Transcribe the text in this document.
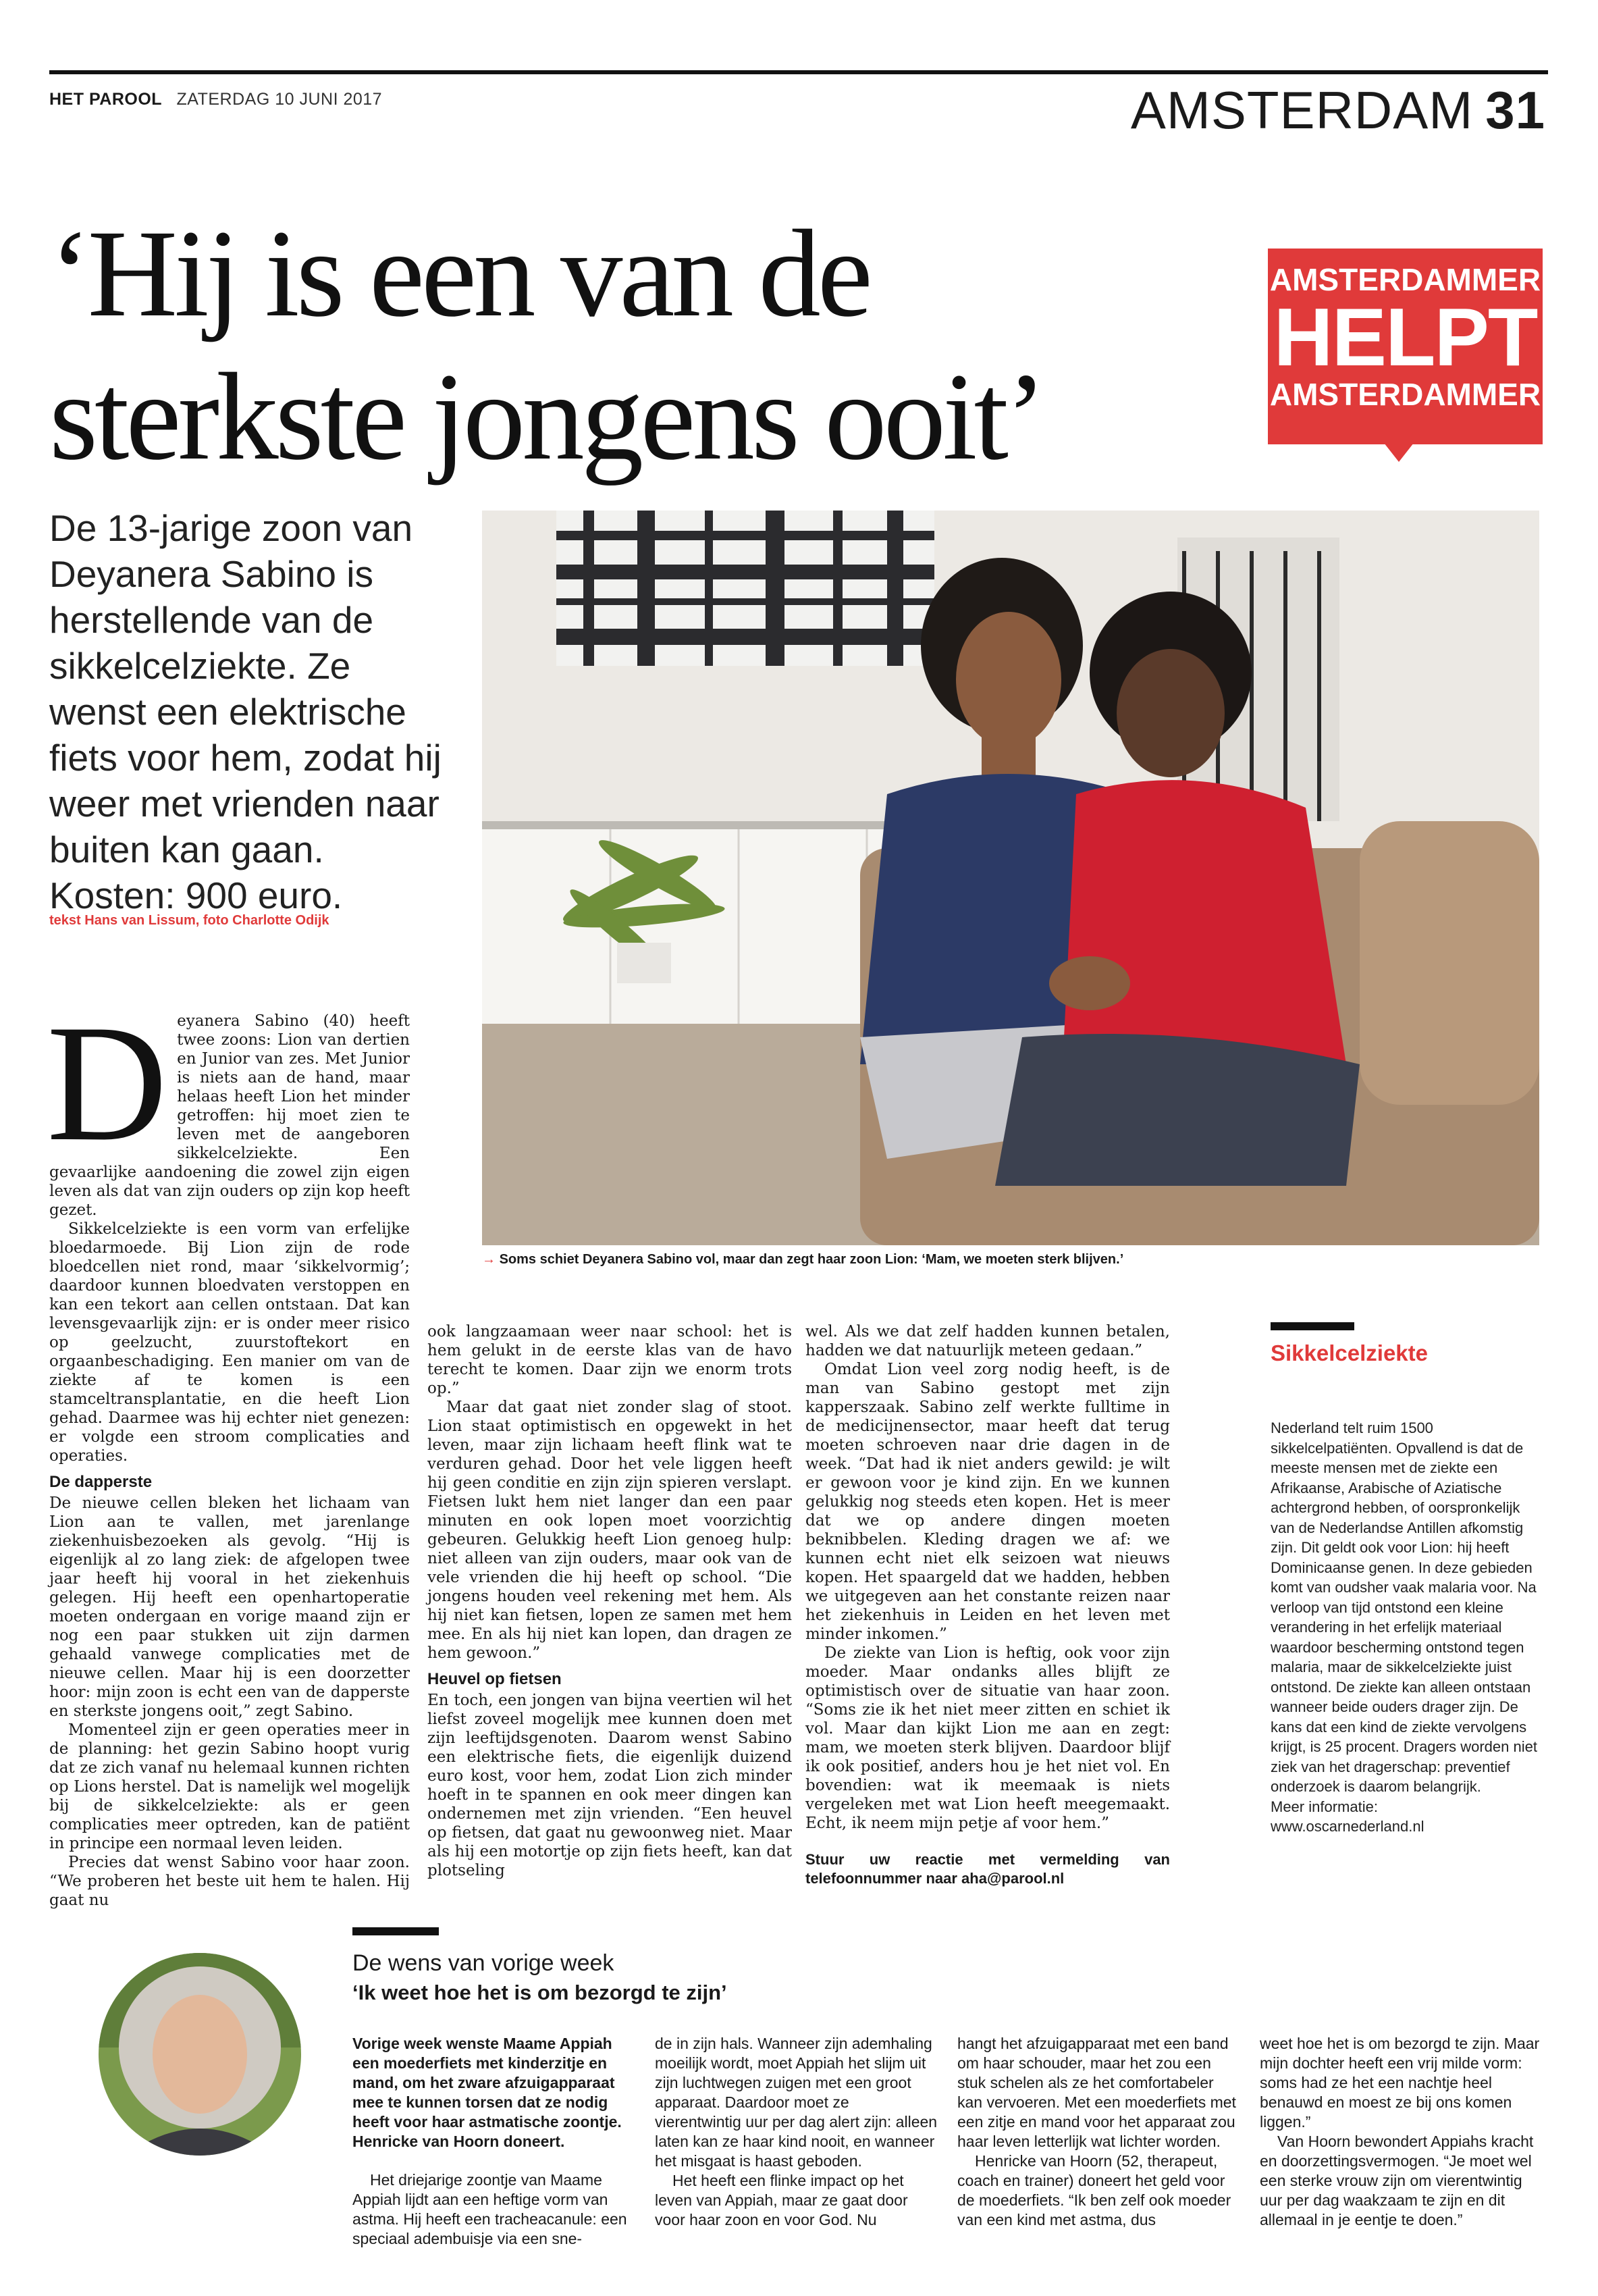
HET PAROOL ZATERDAG 10 JUNI 2017	AMSTERDAM 31
‘Hij is een van de sterkste jongens ooit’
AMSTERDAMMER
HELPT
AMSTERDAMMER
De 13-jarige zoon van Deyanera Sabino is herstellende van de sikkelcelziekte. Ze wenst een elektrische fiets voor hem, zodat hij weer met vrienden naar buiten kan gaan. Kosten: 900 euro.
tekst Hans van Lissum, foto Charlotte Odijk
→ Soms schiet Deyanera Sabino vol, maar dan zegt haar zoon Lion: ‘Mam, we moeten sterk blijven.’
D eyanera Sabino (40) heeft twee zoons: Lion van dertien en Junior van zes. Met Junior is niets aan de hand, maar helaas heeft Lion het minder getroffen: hij moet zien te leven met de aangeboren sikkelcelziekte. Een gevaarlijke aandoening die zowel zijn eigen leven als dat van zijn ouders op zijn kop heeft gezet.

Sikkelcelziekte is een vorm van erfelijke bloedarmoede. Bij Lion zijn de rode bloedcellen niet rond, maar ‘sikkelvormig’; daardoor kunnen bloedvaten verstoppen en kan een tekort aan cellen ontstaan. Dat kan levensgevaarlijk zijn: er is onder meer risico op geelzucht, zuurstoftekort en orgaanbeschadiging. Een manier om van de ziekte af te komen is een stamceltransplantatie, en die heeft Lion gehad. Daarmee was hij echter niet genezen: er volgde een stroom complicaties and operaties.

De dapperste

De nieuwe cellen bleken het lichaam van Lion aan te vallen, met jarenlange ziekenhuisbezoeken als gevolg. “Hij is eigenlijk al zo lang ziek: de afgelopen twee jaar heeft hij vooral in het ziekenhuis gelegen. Hij heeft een openhartoperatie moeten ondergaan en vorige maand zijn er nog een paar stukken uit zijn darmen gehaald vanwege complicaties met de nieuwe cellen. Maar hij is een doorzetter hoor: mijn zoon is echt een van de dapperste en sterkste jongens ooit,” zegt Sabino.

Momenteel zijn er geen operaties meer in de planning: het gezin Sabino hoopt vurig dat ze zich vanaf nu helemaal kunnen richten op Lions herstel. Dat is namelijk wel mogelijk bij de sikkelcelziekte: als er geen complicaties meer optreden, kan de patiënt in principe een normaal leven leiden.

Precies dat wenst Sabino voor haar zoon. “We proberen het beste uit hem te halen. Hij gaat nu

ook langzaamaan weer naar school: het is hem gelukt in de eerste klas van de havo terecht te komen. Daar zijn we enorm trots op.”

Maar dat gaat niet zonder slag of stoot. Lion staat optimistisch en opgewekt in het leven, maar zijn lichaam heeft flink wat te verduren gehad. Door het vele liggen heeft hij geen conditie en zijn zijn spieren verslapt. Fietsen lukt hem niet langer dan een paar minuten en ook lopen moet voorzichtig gebeuren. Gelukkig heeft Lion genoeg hulp: niet alleen van zijn ouders, maar ook van de vele vrienden die hij heeft op school. “Die jongens houden veel rekening met hem. Als hij niet kan fietsen, lopen ze samen met hem mee. En als hij niet kan lopen, dan dragen ze hem gewoon.”

Heuvel op fietsen

En toch, een jongen van bijna veertien wil het liefst zoveel mogelijk mee kunnen doen met zijn leeftijdsgenoten. Daarom wenst Sabino een elektrische fiets, die eigenlijk duizend euro kost, voor hem, zodat Lion zich minder hoeft in te spannen en ook meer dingen kan ondernemen met zijn vrienden. “Een heuvel op fietsen, dat gaat nu gewoonweg niet. Maar als hij een motortje op zijn fiets heeft, kan dat plotseling

wel. Als we dat zelf hadden kunnen betalen, hadden we dat natuurlijk meteen gedaan.”

Omdat Lion veel zorg nodig heeft, is de man van Sabino gestopt met zijn kapperszaak. Sabino zelf werkte fulltime in de medicijnensector, maar heeft dat terug moeten schroeven naar drie dagen in de week. “Dat had ik niet anders gewild: je wilt er gewoon voor je kind zijn. En we kunnen gelukkig nog steeds eten kopen. Het is meer dat we op andere dingen moeten beknibbelen. Kleding dragen we af: we kunnen echt niet elk seizoen wat nieuws kopen. Het spaargeld dat we hadden, hebben we uitgegeven aan het constante reizen naar het ziekenhuis in Leiden en het leven met minder inkomen.”

De ziekte van Lion is heftig, ook voor zijn moeder. Maar ondanks alles blijft ze optimistisch over de situatie van haar zoon. “Soms zie ik het niet meer zitten en schiet ik vol. Maar dan kijkt Lion me aan en zegt: mam, we moeten sterk blijven. Daardoor blijf ik ook positief, anders hou je het niet vol. En bovendien: wat ik meemaak is niets vergeleken met wat Lion heeft meegemaakt. Echt, ik neem mijn petje af voor hem.”

Stuur uw reactie met vermelding van telefoonnummer naar aha@parool.nl
Sikkelcelziekte

Nederland telt ruim 1500 sikkelcelpatiënten. Opvallend is dat de meeste mensen met de ziekte een Afrikaanse, Arabische of Aziatische achtergrond hebben, of oorspronkelijk van de Nederlandse Antillen afkomstig zijn. Dit geldt ook voor Lion: hij heeft Dominicaanse genen. In deze gebieden komt van oudsher vaak malaria voor. Na verloop van tijd ontstond een kleine verandering in het erfelijk materiaal waardoor bescherming ontstond tegen malaria, maar de sikkelcelziekte juist ontstond. De ziekte kan alleen ontstaan wanneer beide ouders drager zijn. De kans dat een kind de ziekte vervolgens krijgt, is 25 procent. Dragers worden niet ziek van het dragerschap: preventief onderzoek is daarom belangrijk.

Meer informatie:

www.oscarnederland.nl

De wens van vorige week
‘Ik weet hoe het is om bezorgd te zijn’

Vorige week wenste Maame Appiah een moederfiets met kinderzitje en mand, om het zware afzuigapparaat mee te kunnen torsen dat ze nodig heeft voor haar astmatische zoontje. Henricke van Hoorn doneert.

Het driejarige zoontje van Maame Appiah lijdt aan een heftige vorm van astma. Hij heeft een tracheacanule: een speciaal adembuisje via een sne-

de in zijn hals. Wanneer zijn ademhaling moeilijk wordt, moet Appiah het slijm uit zijn luchtwegen zuigen met een groot apparaat. Daardoor moet ze vierentwintig uur per dag alert zijn: alleen laten kan ze haar kind nooit, en wanneer het misgaat is haast geboden.

Het heeft een flinke impact op het leven van Appiah, maar ze gaat door voor haar zoon en voor God. Nu

hangt het afzuigapparaat met een band om haar schouder, maar het zou een stuk schelen als ze het comfortabeler kan vervoeren. Met een moederfiets met een zitje en mand voor het apparaat zou haar leven letterlijk wat lichter worden.

Henricke van Hoorn (52, therapeut, coach en trainer) doneert het geld voor de moederfiets. “Ik ben zelf ook moeder van een kind met astma, dus

weet hoe het is om bezorgd te zijn. Maar mijn dochter heeft een vrij milde vorm: soms had ze het een nachtje heel benauwd en moest ze bij ons komen liggen.”

Van Hoorn bewondert Appiahs kracht en doorzettingsvermogen. “Je moet wel een sterke vrouw zijn om vierentwintig uur per dag waakzaam te zijn en dit allemaal in je eentje te doen.”
